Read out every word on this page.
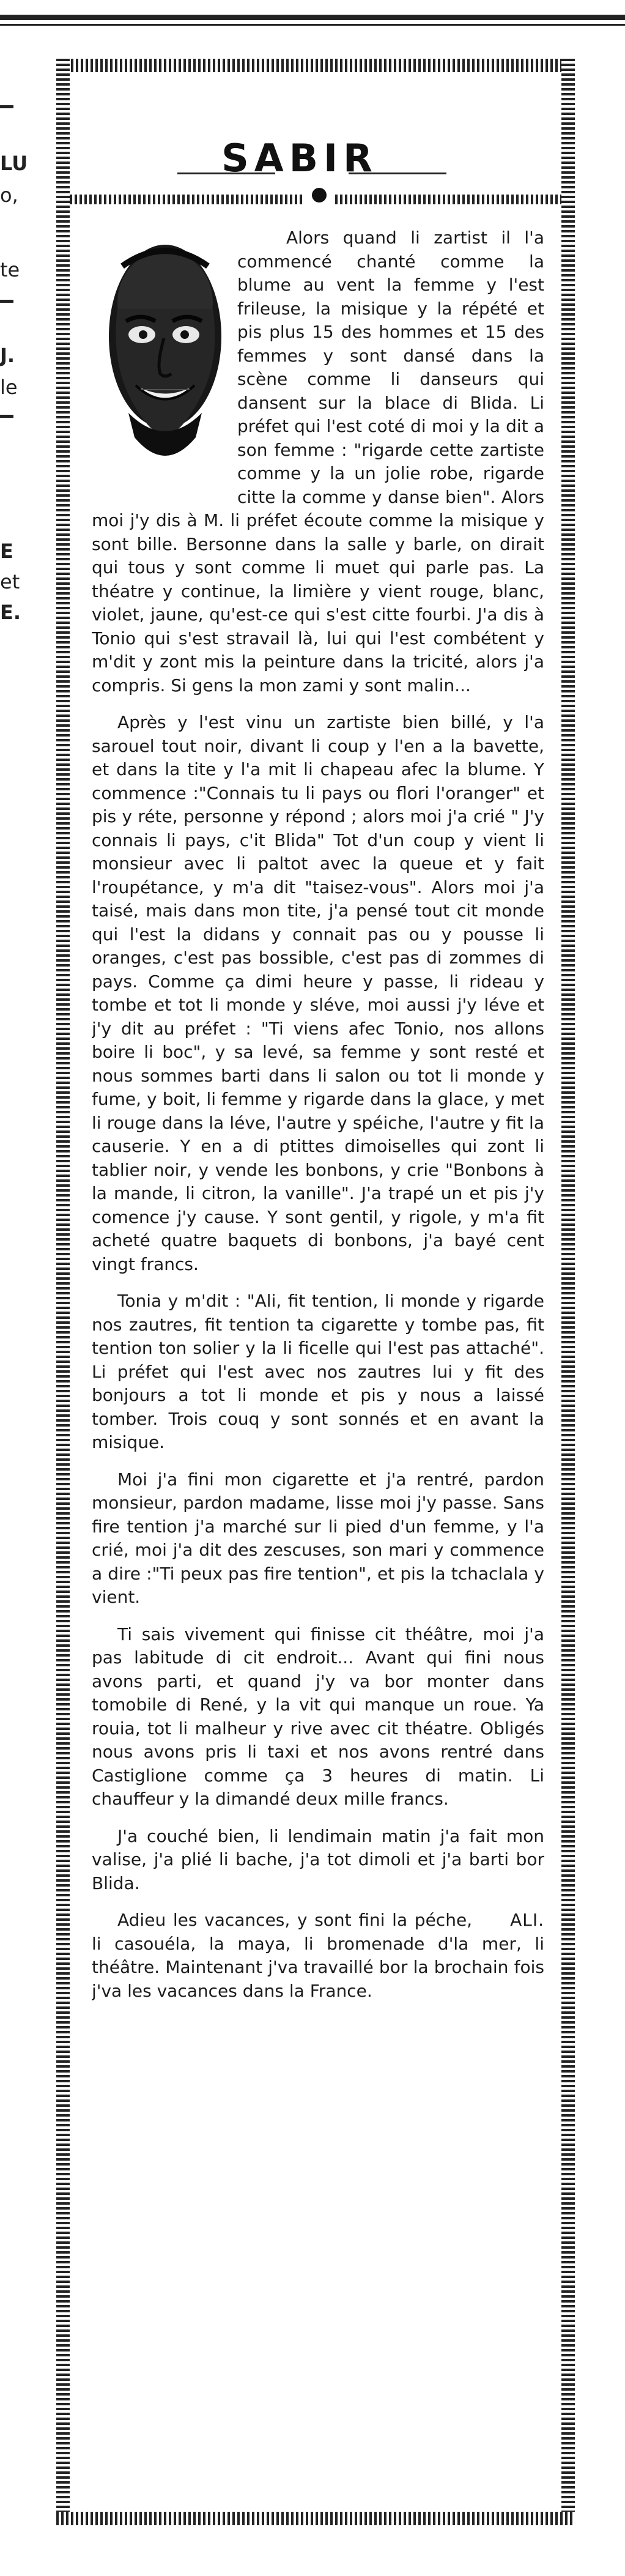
LU
o,
te
J.
le
E
et
E.
SABIR

Alors quand li zartist il l'a commencé chanté comme la blume au vent la femme y l'est frileuse, la misique y la répété et pis plus 15 des hommes et 15 des femmes y sont dansé dans la scène comme li danseurs qui dansent sur la blace di Blida. Li préfet qui l'est coté di moi y la dit a son femme : "rigarde cette zartiste comme y la un jolie robe, rigarde citte la comme y danse bien". Alors moi j'y dis à M. li préfet écoute comme la misique y sont bille. Bersonne dans la salle y barle, on dirait qui tous y sont comme li muet qui parle pas. La théatre y continue, la limière y vient rouge, blanc, violet, jaune, qu'est-ce qui s'est citte fourbi. J'a dis à Tonio qui s'est stravail là, lui qui l'est combétent y m'dit y zont mis la peinture dans la tricité, alors j'a compris. Si gens la mon zami y sont malin...

Après y l'est vinu un zartiste bien billé, y l'a sarouel tout noir, divant li coup y l'en a la bavette, et dans la tite y l'a mit li chapeau afec la blume. Y commence :"Connais tu li pays ou flori l'oranger" et pis y réte, personne y répond ; alors moi j'a crié " J'y connais li pays, c'it Blida" Tot d'un coup y vient li monsieur avec li paltot avec la queue et y fait l'roupétance, y m'a dit "taisez-vous". Alors moi j'a taisé, mais dans mon tite, j'a pensé tout cit monde qui l'est la didans y connait pas ou y pousse li oranges, c'est pas bossible, c'est pas di zommes di pays. Comme ça dimi heure y passe, li rideau y tombe et tot li monde y sléve, moi aussi j'y léve et j'y dit au préfet : "Ti viens afec Tonio, nos allons boire li boc", y sa levé, sa femme y sont resté et nous sommes barti dans li salon ou tot li monde y fume, y boit, li femme y rigarde dans la glace, y met li rouge dans la léve, l'autre y spéiche, l'autre y fit la causerie. Y en a di ptittes dimoiselles qui zont li tablier noir, y vende les bonbons, y crie "Bonbons à la mande, li citron, la vanille". J'a trapé un et pis j'y comence j'y cause. Y sont gentil, y rigole, y m'a fit acheté quatre baquets di bonbons, j'a bayé cent vingt francs.

Tonia y m'dit : "Ali, fit tention, li monde y rigarde nos zautres, fit tention ta cigarette y tombe pas, fit tention ton solier y la li ficelle qui l'est pas attaché". Li préfet qui l'est avec nos zautres lui y fit des bonjours a tot li monde et pis y nous a laissé tomber. Trois couq y sont sonnés et en avant la misique.

Moi j'a fini mon cigarette et j'a rentré, pardon monsieur, pardon madame, lisse moi j'y passe. Sans fire tention j'a marché sur li pied d'un femme, y l'a crié, moi j'a dit des zescuses, son mari y commence a dire :"Ti peux pas fire tention", et pis la tchaclala y vient.

Ti sais vivement qui finisse cit théâtre, moi j'a pas labitude di cit endroit... Avant qui fini nous avons parti, et quand j'y va bor monter dans tomobile di René, y la vit qui manque un roue. Ya rouia, tot li malheur y rive avec cit théatre. Obligés nous avons pris li taxi et nos avons rentré dans Castiglione comme ça 3 heures di matin. Li chauffeur y la dimandé deux mille francs.

J'a couché bien, li lendimain matin j'a fait mon valise, j'a plié li bache, j'a tot dimoli et j'a barti bor Blida.

ALI.
Adieu les vacances, y sont fini la péche, li casouéla, la maya, li bromenade d'la mer, li théâtre. Maintenant j'va travaillé bor la brochain fois j'va les vacances dans la France.
